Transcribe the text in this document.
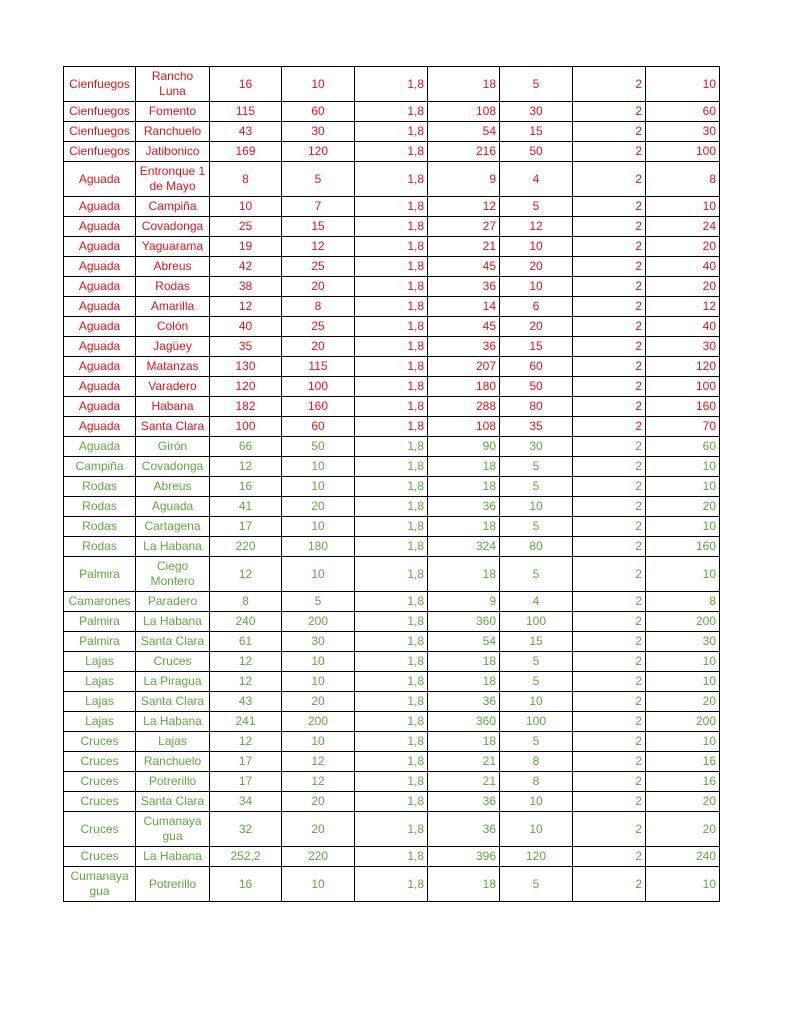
Cienfuegos	Rancho Luna	16	10	1,8	18	5	2	10
Cienfuegos	Fomento	115	60	1,8	108	30	2	60
Cienfuegos	Ranchuelo	43	30	1,8	54	15	2	30
Cienfuegos	Jatibonico	169	120	1,8	216	50	2	100
Aguada	Entronque 1 de Mayo	8	5	1,8	9	4	2	8
Aguada	Campiña	10	7	1,8	12	5	2	10
Aguada	Covadonga	25	15	1,8	27	12	2	24
Aguada	Yaguarama	19	12	1,8	21	10	2	20
Aguada	Abreus	42	25	1,8	45	20	2	40
Aguada	Rodas	38	20	1,8	36	10	2	20
Aguada	Amarilla	12	8	1,8	14	6	2	12
Aguada	Colón	40	25	1,8	45	20	2	40
Aguada	Jagüey	35	20	1,8	36	15	2	30
Aguada	Matanzas	130	115	1,8	207	60	2	120
Aguada	Varadero	120	100	1,8	180	50	2	100
Aguada	Habana	182	160	1,8	288	80	2	160
Aguada	Santa Clara	100	60	1,8	108	35	2	70
Aguada	Girón	66	50	1,8	90	30	2	60
Campiña	Covadonga	12	10	1,8	18	5	2	10
Rodas	Abreus	16	10	1,8	18	5	2	10
Rodas	Aguada	41	20	1,8	36	10	2	20
Rodas	Cartagena	17	10	1,8	18	5	2	10
Rodas	La Habana	220	180	1,8	324	80	2	160
Palmira	Ciego Montero	12	10	1,8	18	5	2	10
Camarones	Paradero	8	5	1,8	9	4	2	8
Palmira	La Habana	240	200	1,8	360	100	2	200
Palmira	Santa Clara	61	30	1,8	54	15	2	30
Lajas	Cruces	12	10	1,8	18	5	2	10
Lajas	La Piragua	12	10	1,8	18	5	2	10
Lajas	Santa Clara	43	20	1,8	36	10	2	20
Lajas	La Habana	241	200	1,8	360	100	2	200
Cruces	Lajas	12	10	1,8	18	5	2	10
Cruces	Ranchuelo	17	12	1,8	21	8	2	16
Cruces	Potrerillo	17	12	1,8	21	8	2	16
Cruces	Santa Clara	34	20	1,8	36	10	2	20
Cruces	Cumanaya gua	32	20	1,8	36	10	2	20
Cruces	La Habana	252,2	220	1,8	396	120	2	240
Cumanaya gua	Potrerillo	16	10	1,8	18	5	2	10
